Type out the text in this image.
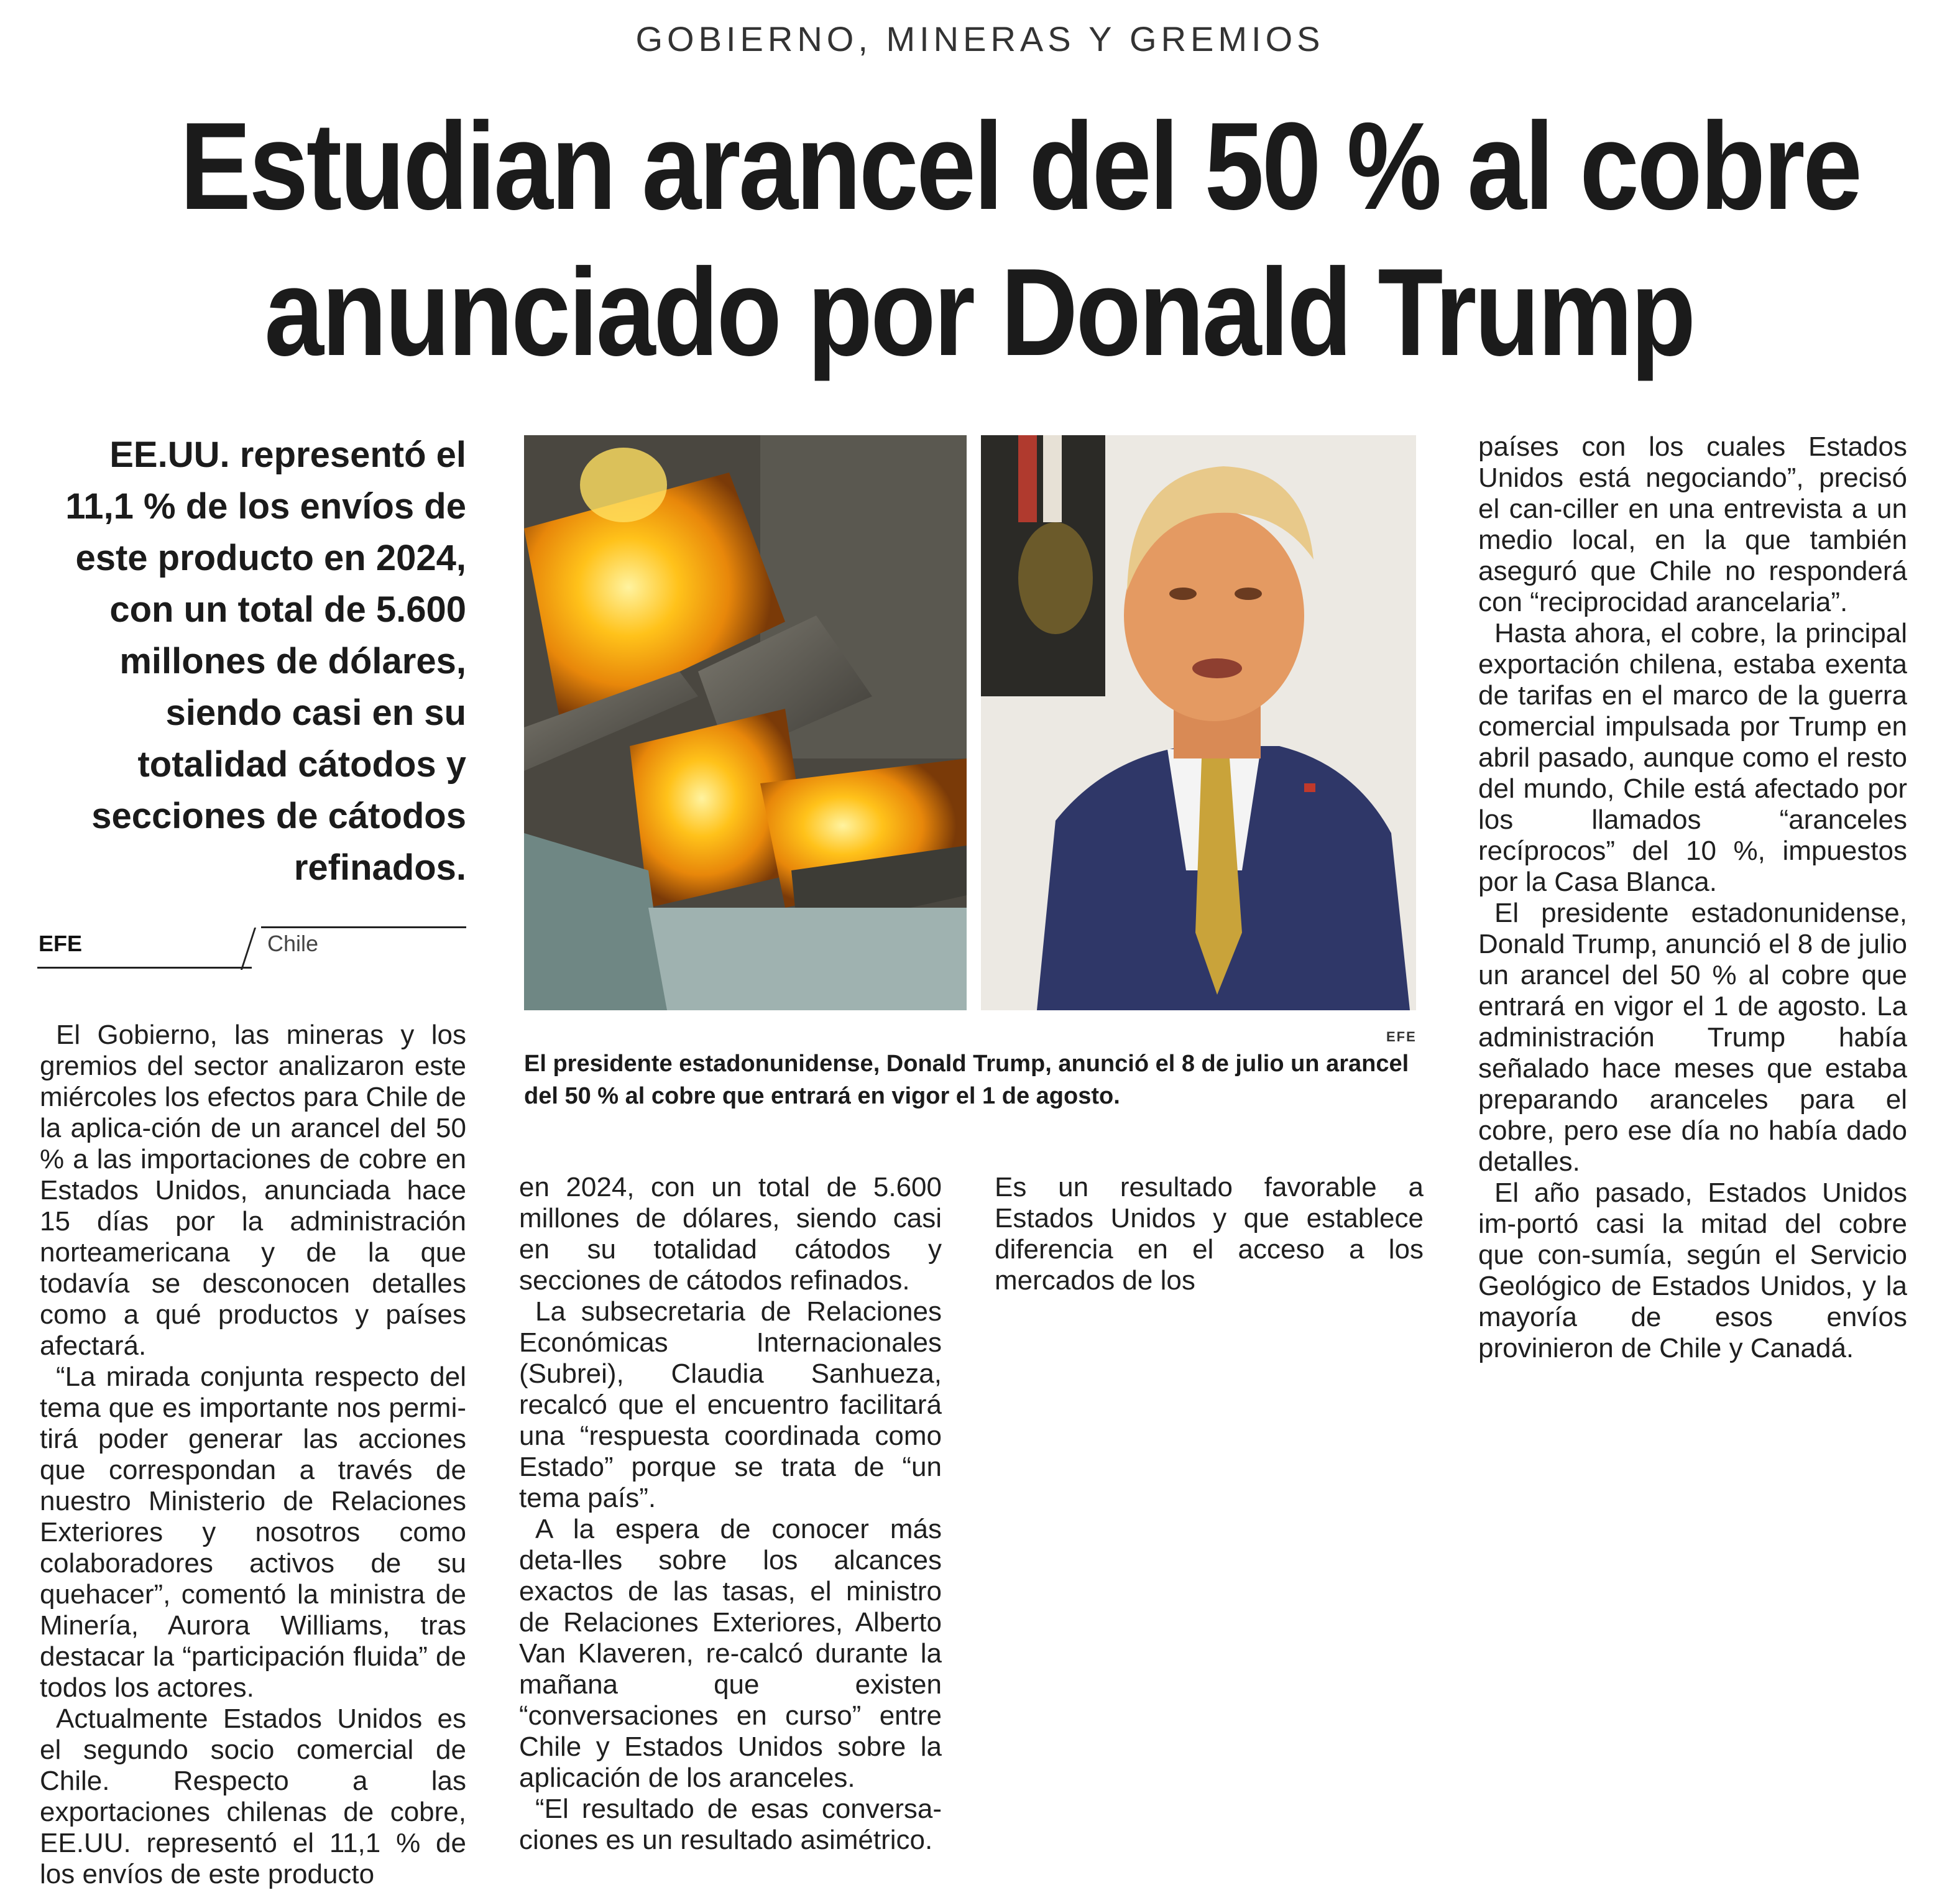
GOBIERNO, MINERAS Y GREMIOS
Estudian arancel del 50 % al cobre
anunciado por Donald Trump
EE.UU. representó el 11,1 % de los envíos de este producto en 2024, con un total de 5.600 millones de dólares, siendo casi en su totalidad cátodos y secciones de cátodos refinados.
EFE	Chile

El Gobierno, las mineras y los gremios del sector analizaron este miércoles los efectos para Chile de la aplica-ción de un arancel del 50 % a las importaciones de cobre en Estados Unidos, anunciada hace 15 días por la administración norteamericana y de la que todavía se desconocen detalles como a qué productos y países afectará.

“La mirada conjunta respecto del tema que es importante nos permi-tirá poder generar las acciones que correspondan a través de nuestro Ministerio de Relaciones Exteriores y nosotros como colaboradores activos de su quehacer”, comentó la ministra de Minería, Aurora Williams, tras destacar la “participación fluida” de todos los actores.

Actualmente Estados Unidos es el segundo socio comercial de Chile. Respecto a las exportaciones chilenas de cobre, EE.UU. representó el 11,1 % de los envíos de este producto

EFE
El presidente estadonunidense, Donald Trump, anunció el 8 de julio un arancel del 50 % al cobre que entrará en vigor el 1 de agosto.

en 2024, con un total de 5.600 millones de dólares, siendo casi en su totalidad cátodos y secciones de cátodos refinados.

La subsecretaria de Relaciones Económicas Internacionales (Subrei), Claudia Sanhueza, recalcó que el encuentro facilitará una “respuesta coordinada como Estado” porque se trata de “un tema país”.

A la espera de conocer más deta-lles sobre los alcances exactos de las tasas, el ministro de Relaciones Exteriores, Alberto Van Klaveren, re-calcó durante la mañana que existen “conversaciones en curso” entre Chile y Estados Unidos sobre la aplicación de los aranceles.

“El resultado de esas conversa-ciones es un resultado asimétrico.

Es un resultado favorable a Estados Unidos y que establece diferencia en el acceso a los mercados de los

países con los cuales Estados Unidos está negociando”, precisó el can-ciller en una entrevista a un medio local, en la que también aseguró que Chile no responderá con “reciprocidad arancelaria”.

Hasta ahora, el cobre, la principal exportación chilena, estaba exenta de tarifas en el marco de la guerra comercial impulsada por Trump en abril pasado, aunque como el resto del mundo, Chile está afectado por los llamados “aranceles recíprocos” del 10 %, impuestos por la Casa Blanca.

El presidente estadonunidense, Donald Trump, anunció el 8 de julio un arancel del 50 % al cobre que entrará en vigor el 1 de agosto. La administración Trump había señalado hace meses que estaba preparando aranceles para el cobre, pero ese día no había dado detalles.

El año pasado, Estados Unidos im-portó casi la mitad del cobre que con-sumía, según el Servicio Geológico de Estados Unidos, y la mayoría de esos envíos provinieron de Chile y Canadá.
